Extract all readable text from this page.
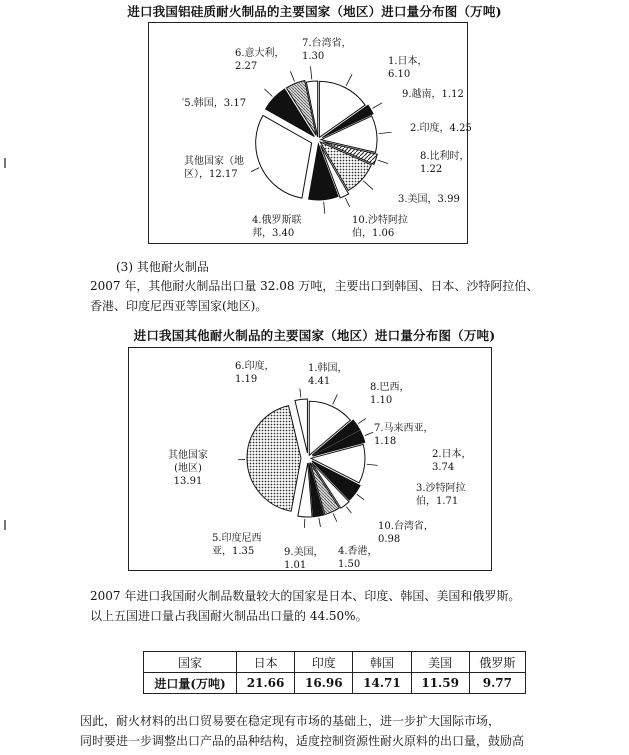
进口我国铝硅质耐火制品的主要国家（地区）进口量分布图（万吨)
1.日本，
6.10
9.越南，1.12
2.印度，4.25
8.比利时，
1.22
3.美国，3.99
10.沙特阿拉
伯，1.06
4.俄罗斯联
邦，3.40
其他国家（地
区），12.17
′5.韩国，3.17
6.意大利，
2.27
7.台湾省，
1.30
(3) 其他耐火制品
2007 年，其他耐火制品出口量 32.08 万吨，主要出口到韩国、日本、沙特阿拉伯、
香港、印度尼西亚等国家(地区)。
进口我国其他耐火制品的主要国家（地区）进口量分布图（万吨)
1.韩国，
4.41
8.巴西，
1.10
7.马来西亚，
1.18
2.日本，
3.74
3.沙特阿拉
伯，1.71
10.台湾省，
0.98
4.香港，
1.50
9.美国，
1.01
5.印度尼西
亚，1.35
其他国家
(地区)
13.91
6.印度，
1.19
2007 年进口我国耐火制品数量较大的国家是日本、印度、韩国、美国和俄罗斯。
以上五国进口量占我国耐火制品出口量的 44.50%。
国家	日本	印度	韩国	美国	俄罗斯
进口量(万吨)	21.66	16.96	14.71	11.59	9.77
因此，耐火材料的出口贸易要在稳定现有市场的基础上，进一步扩大国际市场，
同时要进一步调整出口产品的品种结构，适度控制资源性耐火原料的出口量，鼓励高
